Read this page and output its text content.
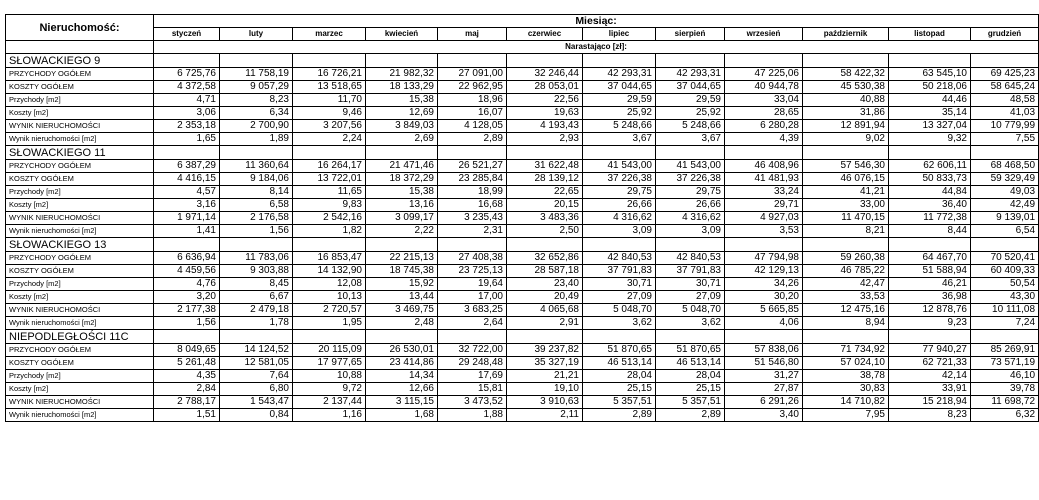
Nieruchomość:	Miesiąc:											
	styczeń	luty	marzec	kwiecień	maj	czerwiec	lipiec	sierpień	wrzesień	październik	listopad	grudzień
	Narastająco [zł]:											
SŁOWACKIEGO 9												
PRZYCHODY OGÓŁEM	6 725,76	11 758,19	16 726,21	21 982,32	27 091,00	32 246,44	42 293,31	42 293,31	47 225,06	58 422,32	63 545,10	69 425,23
KOSZTY OGÓŁEM	4 372,58	9 057,29	13 518,65	18 133,29	22 962,95	28 053,01	37 044,65	37 044,65	40 944,78	45 530,38	50 218,06	58 645,24
Przychody [m2]	4,71	8,23	11,70	15,38	18,96	22,56	29,59	29,59	33,04	40,88	44,46	48,58
Koszty [m2]	3,06	6,34	9,46	12,69	16,07	19,63	25,92	25,92	28,65	31,86	35,14	41,03
WYNIK NIERUCHOMOŚCI	2 353,18	2 700,90	3 207,56	3 849,03	4 128,05	4 193,43	5 248,66	5 248,66	6 280,28	12 891,94	13 327,04	10 779,99
Wynik nieruchomości [m2]	1,65	1,89	2,24	2,69	2,89	2,93	3,67	3,67	4,39	9,02	9,32	7,55
SŁOWACKIEGO 11												
PRZYCHODY OGÓŁEM	6 387,29	11 360,64	16 264,17	21 471,46	26 521,27	31 622,48	41 543,00	41 543,00	46 408,96	57 546,30	62 606,11	68 468,50
KOSZTY OGÓŁEM	4 416,15	9 184,06	13 722,01	18 372,29	23 285,84	28 139,12	37 226,38	37 226,38	41 481,93	46 076,15	50 833,73	59 329,49
Przychody [m2]	4,57	8,14	11,65	15,38	18,99	22,65	29,75	29,75	33,24	41,21	44,84	49,03
Koszty [m2]	3,16	6,58	9,83	13,16	16,68	20,15	26,66	26,66	29,71	33,00	36,40	42,49
WYNIK NIERUCHOMOŚCI	1 971,14	2 176,58	2 542,16	3 099,17	3 235,43	3 483,36	4 316,62	4 316,62	4 927,03	11 470,15	11 772,38	9 139,01
Wynik nieruchomości [m2]	1,41	1,56	1,82	2,22	2,31	2,50	3,09	3,09	3,53	8,21	8,44	6,54
SŁOWACKIEGO 13												
PRZYCHODY OGÓŁEM	6 636,94	11 783,06	16 853,47	22 215,13	27 408,38	32 652,86	42 840,53	42 840,53	47 794,98	59 260,38	64 467,70	70 520,41
KOSZTY OGÓŁEM	4 459,56	9 303,88	14 132,90	18 745,38	23 725,13	28 587,18	37 791,83	37 791,83	42 129,13	46 785,22	51 588,94	60 409,33
Przychody [m2]	4,76	8,45	12,08	15,92	19,64	23,40	30,71	30,71	34,26	42,47	46,21	50,54
Koszty [m2]	3,20	6,67	10,13	13,44	17,00	20,49	27,09	27,09	30,20	33,53	36,98	43,30
WYNIK NIERUCHOMOŚCI	2 177,38	2 479,18	2 720,57	3 469,75	3 683,25	4 065,68	5 048,70	5 048,70	5 665,85	12 475,16	12 878,76	10 111,08
Wynik nieruchomości [m2]	1,56	1,78	1,95	2,48	2,64	2,91	3,62	3,62	4,06	8,94	9,23	7,24
NIEPODLEGŁOŚCI 11C												
PRZYCHODY OGÓŁEM	8 049,65	14 124,52	20 115,09	26 530,01	32 722,00	39 237,82	51 870,65	51 870,65	57 838,06	71 734,92	77 940,27	85 269,91
KOSZTY OGÓŁEM	5 261,48	12 581,05	17 977,65	23 414,86	29 248,48	35 327,19	46 513,14	46 513,14	51 546,80	57 024,10	62 721,33	73 571,19
Przychody [m2]	4,35	7,64	10,88	14,34	17,69	21,21	28,04	28,04	31,27	38,78	42,14	46,10
Koszty [m2]	2,84	6,80	9,72	12,66	15,81	19,10	25,15	25,15	27,87	30,83	33,91	39,78
WYNIK NIERUCHOMOŚCI	2 788,17	1 543,47	2 137,44	3 115,15	3 473,52	3 910,63	5 357,51	5 357,51	6 291,26	14 710,82	15 218,94	11 698,72
Wynik nieruchomości [m2]	1,51	0,84	1,16	1,68	1,88	2,11	2,89	2,89	3,40	7,95	8,23	6,32
